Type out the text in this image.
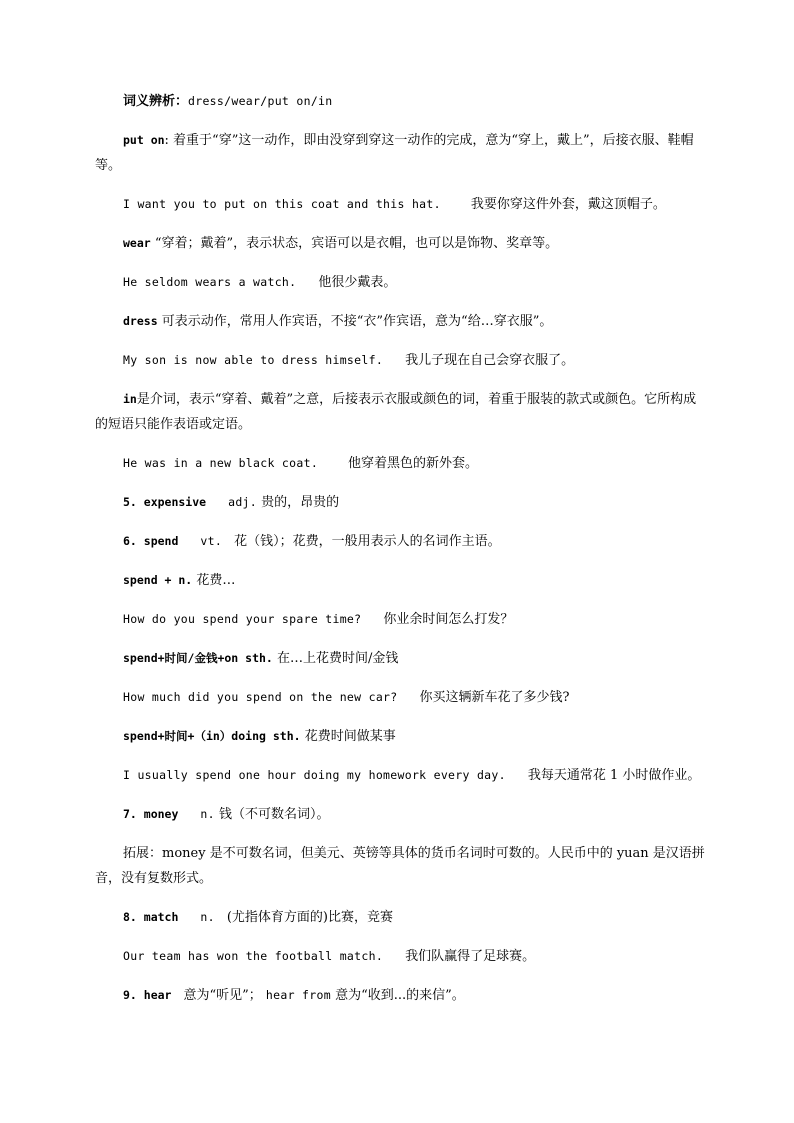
词义辨析：dress/wear/put on/in

put on: 着重于“穿”这一动作，即由没穿到穿这一动作的完成，意为“穿上，戴上”，后接衣服、鞋帽等。

I want you to put on this coat and this hat. 我要你穿这件外套，戴这顶帽子。

wear “穿着；戴着”，表示状态，宾语可以是衣帽，也可以是饰物、奖章等。

He seldom wears a watch. 他很少戴表。

dress 可表示动作，常用人作宾语，不接“衣”作宾语，意为“给…穿衣服”。

My son is now able to dress himself. 我儿子现在自己会穿衣服了。

in是介词，表示“穿着、戴着”之意，后接表示衣服或颜色的词，着重于服装的款式或颜色。它所构成的短语只能作表语或定语。

He was in a new black coat. 他穿着黑色的新外套。

5. expensive adj. 贵的，昂贵的

6. spend vt. 花（钱）；花费，一般用表示人的名词作主语。

spend + n. 花费…

How do you spend your spare time? 你业余时间怎么打发？

spend+时间/金钱+on sth. 在…上花费时间/金钱

How much did you spend on the new car? 你买这辆新车花了多少钱?

spend+时间+（in）doing sth. 花费时间做某事

I usually spend one hour doing my homework every day. 我每天通常花 1 小时做作业。

7. money n. 钱（不可数名词）。

拓展：money 是不可数名词，但美元、英镑等具体的货币名词时可数的。人民币中的 yuan 是汉语拼音，没有复数形式。

8. match n. (尤指体育方面的)比赛，竞赛

Our team has won the football match. 我们队赢得了足球赛。

9. hear 意为“听见”； hear from 意为“收到...的来信”。
